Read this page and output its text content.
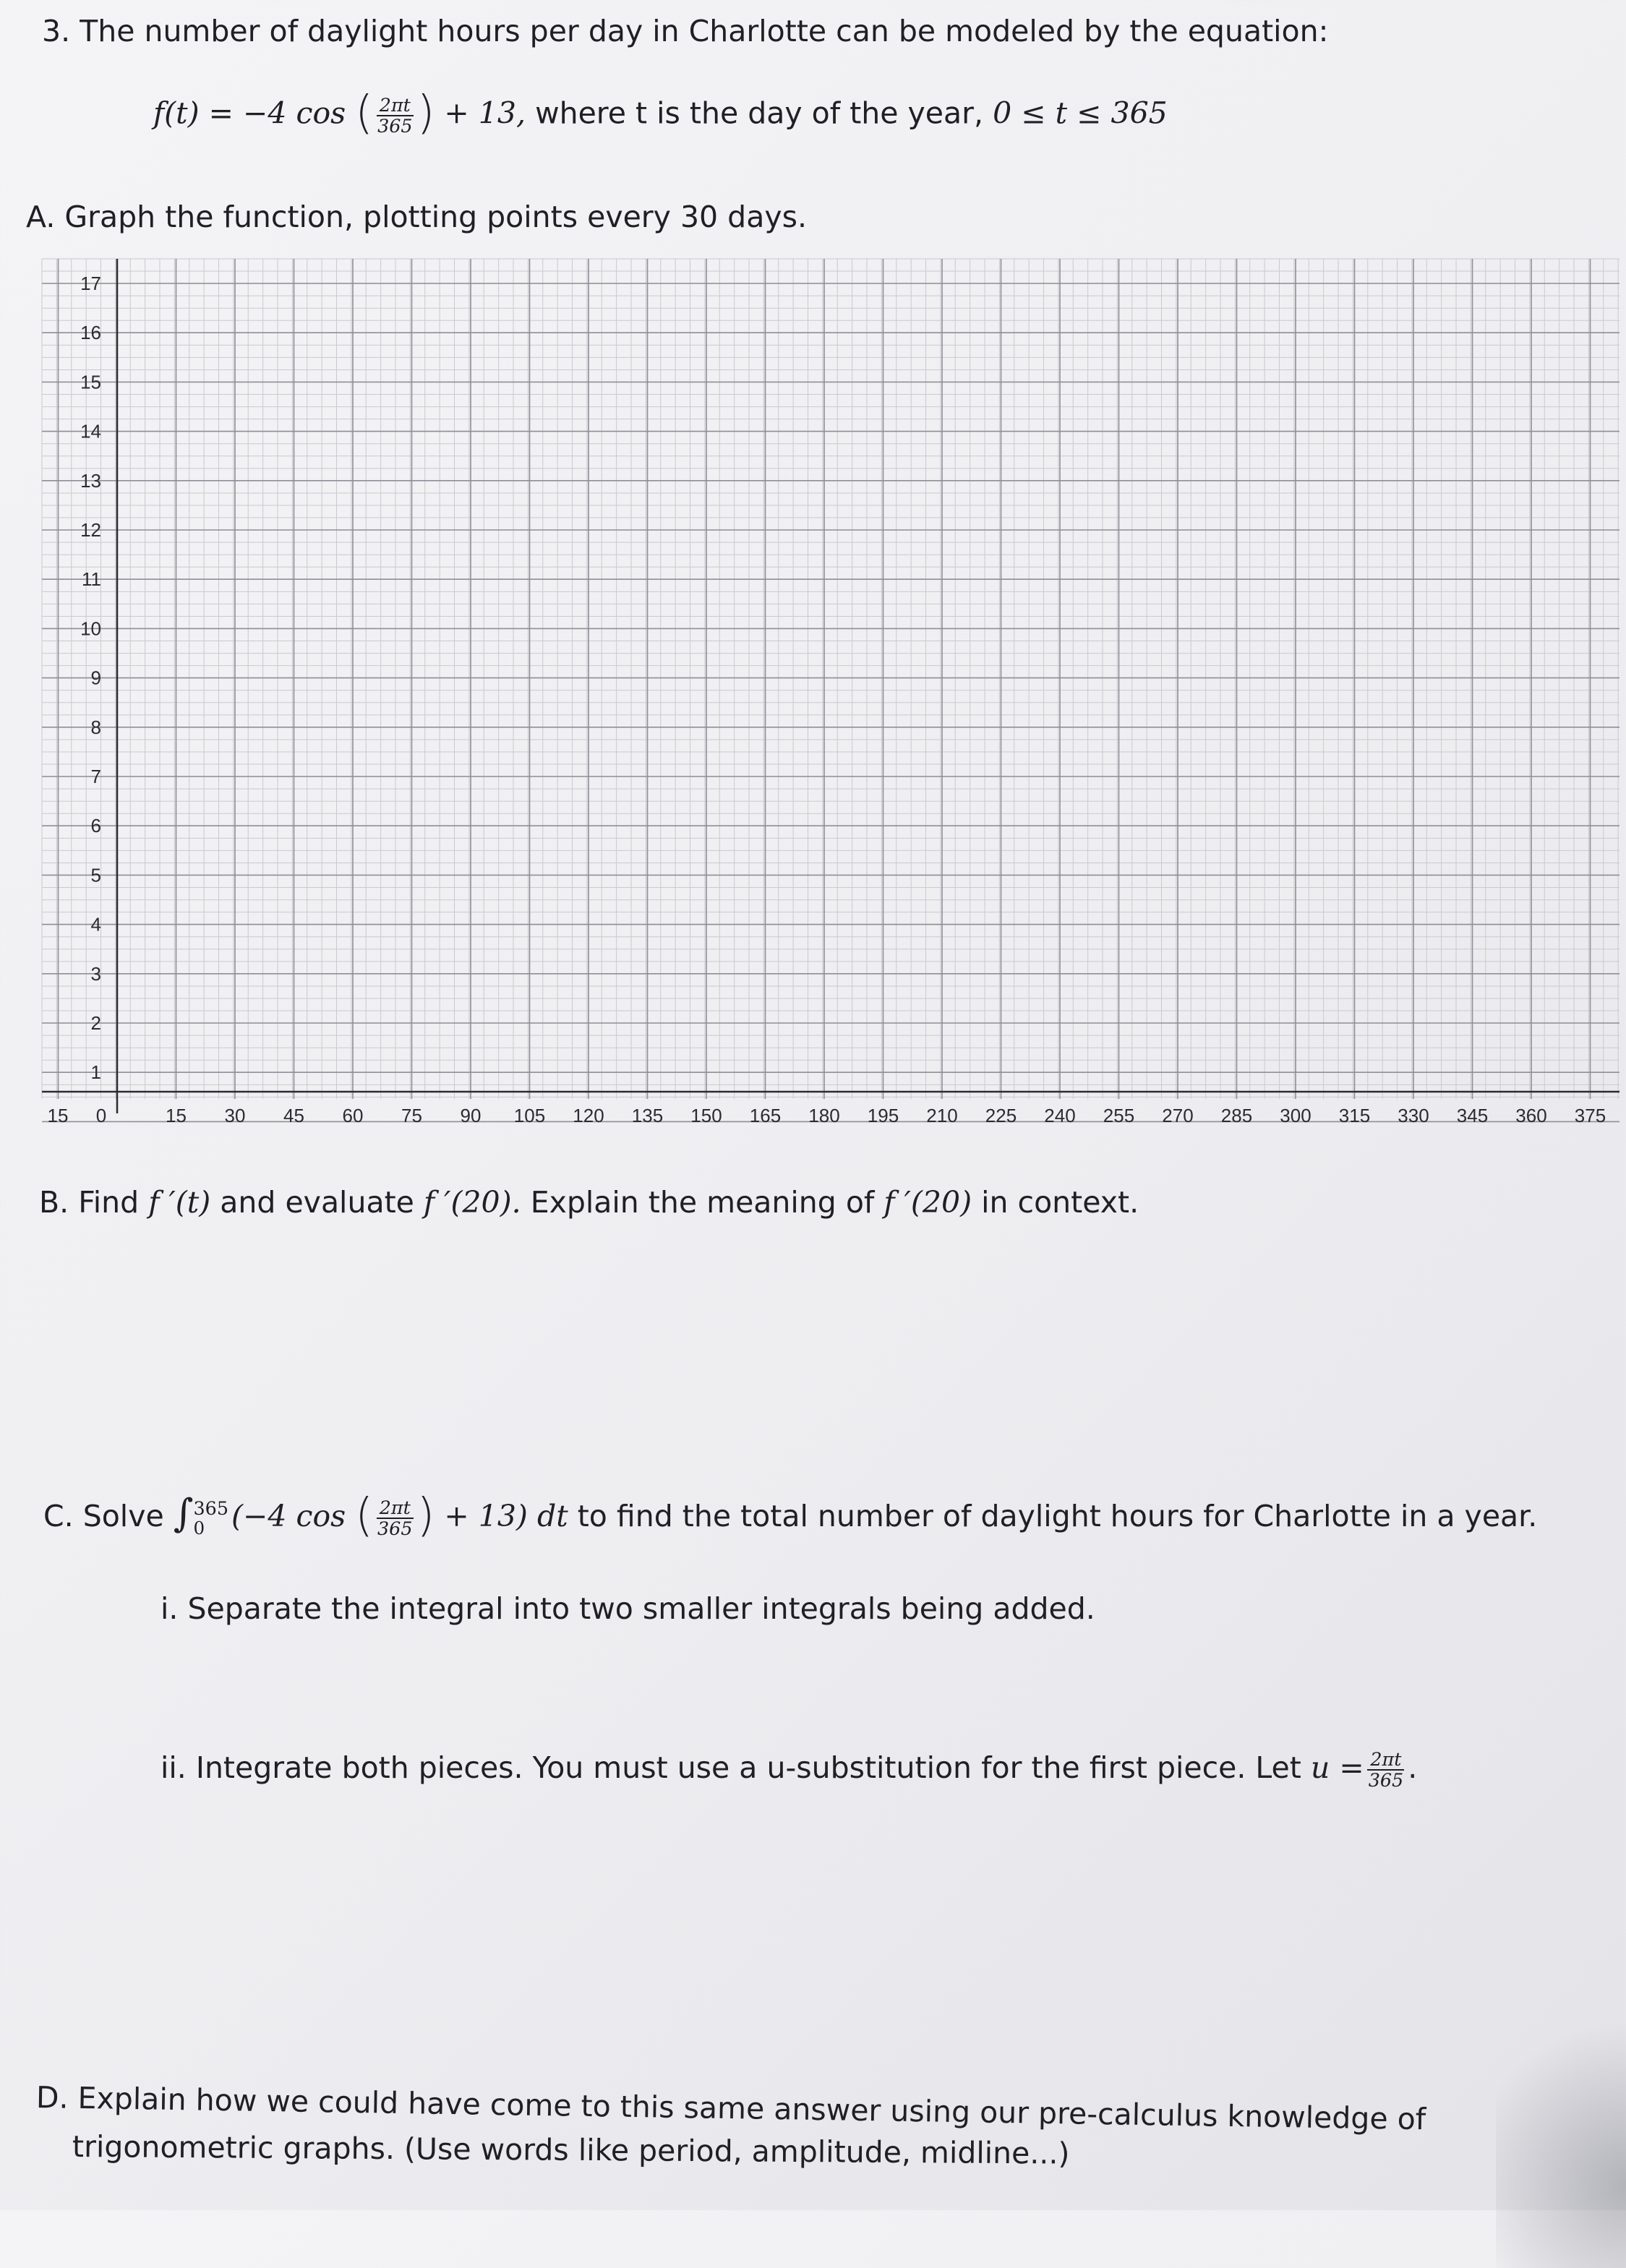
3. The number of daylight hours per day in Charlotte can be modeled by the equation:
f(t) = −4 cos ( $\frac{2\pi t}{365}$ ) + 13, where t is the day of the year, 0 ≤ t ≤ 365
A. Graph the function, plotting points every 30 days.
17
16
15
14
13
12
11
10
9
8
7
6
5
4
3
2
1
15 0	15 30 45 60 75 90 105 120 135 150 165 180 195 210 225 240 255 270 285 300 315 330 345 360 375
B. Find f ′(t) and evaluate f ′(20). Explain the meaning of f ′(20) in context.
C. Solve ∫ 365
0 (−4 cos ( $\frac{2\pi t}{365}$ ) + 13) dt to find the total number of daylight hours for Charlotte in a year.
i. Separate the integral into two smaller integrals being added.
ii. Integrate both pieces. You must use a u-substitution for the first piece. Let $u = \frac{2\pi t}{365}$ .
D. Explain how we could have come to this same answer using our pre-calculus knowledge of
trigonometric graphs. (Use words like period, amplitude, midline...)
